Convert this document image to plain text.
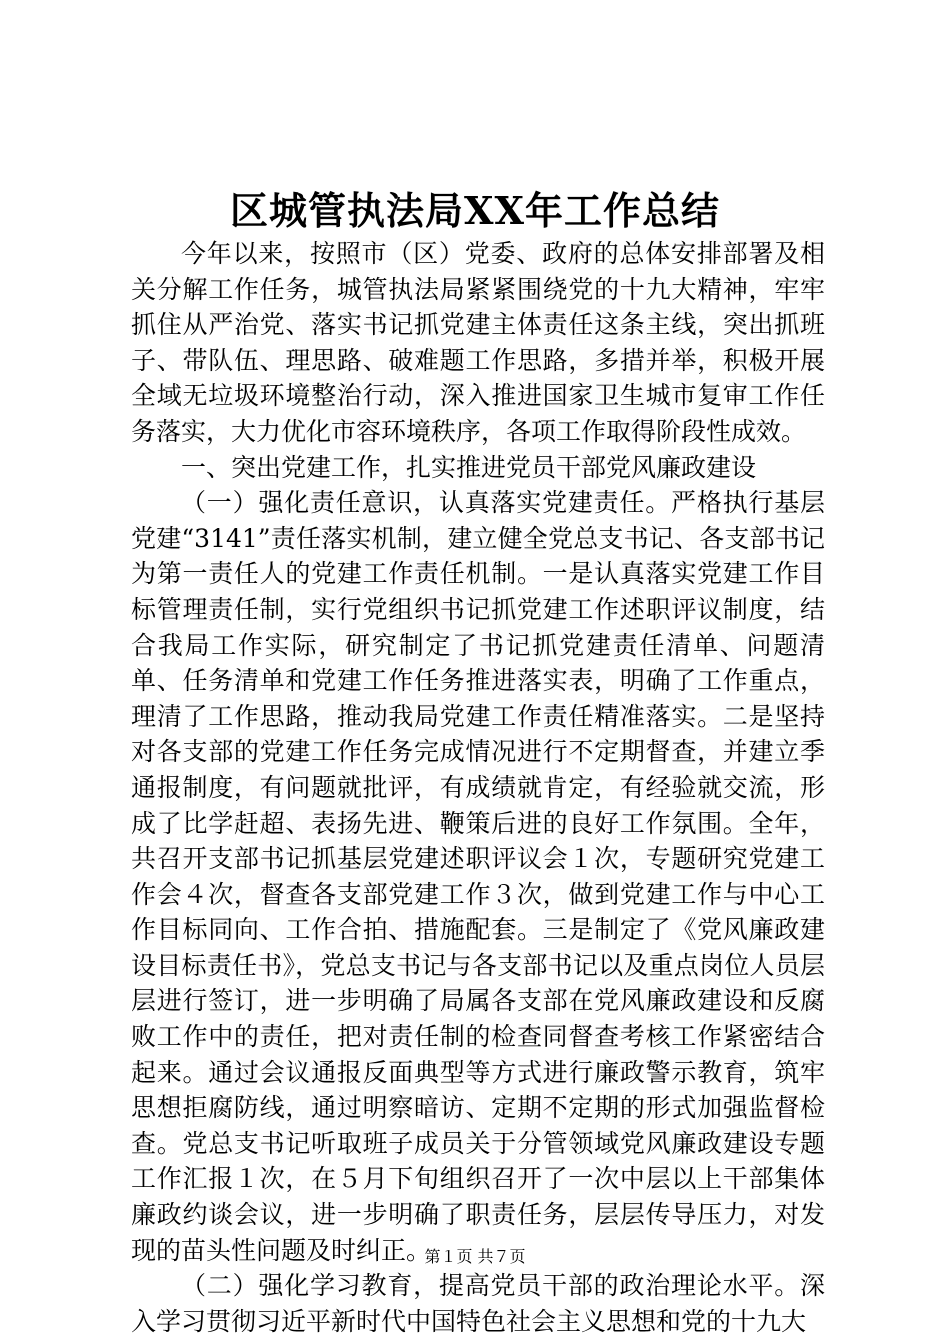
区城管执法局XX年工作总结

今年以来，按照市（区）党委、政府的总体安排部署及相关分解工作任务，城管执法局紧紧围绕党的十九大精神，牢牢抓住从严治党、落实书记抓党建主体责任这条主线，突出抓班子、带队伍、理思路、破难题工作思路，多措并举，积极开展全域无垃圾环境整治行动，深入推进国家卫生城市复审工作任务落实，大力优化市容环境秩序，各项工作取得阶段性成效。

一、突出党建工作，扎实推进党员干部党风廉政建设

（一）强化责任意识，认真落实党建责任。严格执行基层党建“3141”责任落实机制，建立健全党总支书记、各支部书记为第一责任人的党建工作责任机制。一是认真落实党建工作目标管理责任制，实行党组织书记抓党建工作述职评议制度，结合我局工作实际，研究制定了书记抓党建责任清单、问题清单、任务清单和党建工作任务推进落实表，明确了工作重点，理清了工作思路，推动我局党建工作责任精准落实。二是坚持对各支部的党建工作任务完成情况进行不定期督查，并建立季通报制度，有问题就批评，有成绩就肯定，有经验就交流，形成了比学赶超、表扬先进、鞭策后进的良好工作氛围。全年，共召开支部书记抓基层党建述职评议会１次，专题研究党建工作会４次，督查各支部党建工作３次，做到党建工作与中心工作目标同向、工作合拍、措施配套。三是制定了《党风廉政建设目标责任书》，党总支书记与各支部书记以及重点岗位人员层层进行签订，进一步明确了局属各支部在党风廉政建设和反腐败工作中的责任，把对责任制的检查同督查考核工作紧密结合起来。通过会议通报反面典型等方式进行廉政警示教育，筑牢思想拒腐防线，通过明察暗访、定期不定期的形式加强监督检查。党总支书记听取班子成员关于分管领域党风廉政建设专题工作汇报１次，在５月下旬组织召开了一次中层以上干部集体廉政约谈会议，进一步明确了职责任务，层层传导压力，对发现的苗头性问题及时纠正。

（二）强化学习教育，提高党员干部的政治理论水平。深入学习贯彻习近平新时代中国特色社会主义思想和党的十九大

第１页 共７页
